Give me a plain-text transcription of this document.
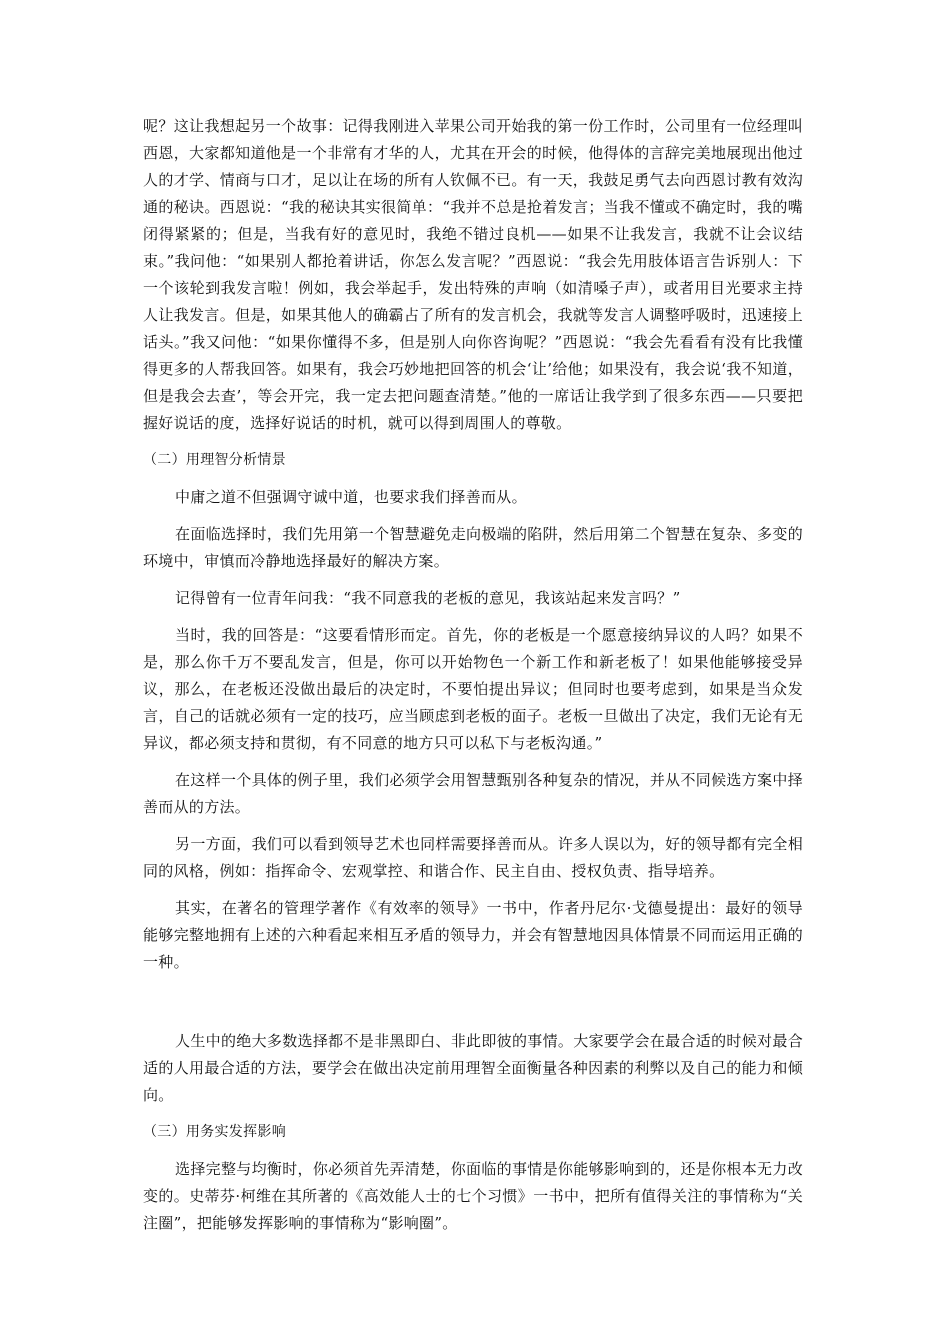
呢？这让我想起另一个故事：记得我刚进入苹果公司开始我的第一份工作时，公司里有一位经理叫西恩，大家都知道他是一个非常有才华的人，尤其在开会的时候，他得体的言辞完美地展现出他过人的才学、情商与口才，足以让在场的所有人钦佩不已。有一天，我鼓足勇气去向西恩讨教有效沟通的秘诀。西恩说：“我的秘诀其实很简单：“我并不总是抢着发言；当我不懂或不确定时，我的嘴闭得紧紧的；但是，当我有好的意见时，我绝不错过良机——如果不让我发言，我就不让会议结束。”我问他：“如果别人都抢着讲话，你怎么发言呢？”西恩说：“我会先用肢体语言告诉别人：下一个该轮到我发言啦！例如，我会举起手，发出特殊的声响（如清嗓子声），或者用目光要求主持人让我发言。但是，如果其他人的确霸占了所有的发言机会，我就等发言人调整呼吸时，迅速接上话头。”我又问他：“如果你懂得不多，但是别人向你咨询呢？”西恩说：“我会先看看有没有比我懂得更多的人帮我回答。如果有，我会巧妙地把回答的机会‘让’给他；如果没有，我会说‘我不知道，但是我会去查’，等会开完，我一定去把问题查清楚。”他的一席话让我学到了很多东西——只要把握好说话的度，选择好说话的时机，就可以得到周围人的尊敬。

（二）用理智分析情景

中庸之道不但强调守诚中道，也要求我们择善而从。

在面临选择时，我们先用第一个智慧避免走向极端的陷阱，然后用第二个智慧在复杂、多变的环境中，审慎而冷静地选择最好的解决方案。

记得曾有一位青年问我：“我不同意我的老板的意见，我该站起来发言吗？”

当时，我的回答是：“这要看情形而定。首先，你的老板是一个愿意接纳异议的人吗？如果不是，那么你千万不要乱发言，但是，你可以开始物色一个新工作和新老板了！如果他能够接受异议，那么，在老板还没做出最后的决定时，不要怕提出异议；但同时也要考虑到，如果是当众发言，自己的话就必须有一定的技巧，应当顾虑到老板的面子。老板一旦做出了决定，我们无论有无异议，都必须支持和贯彻，有不同意的地方只可以私下与老板沟通。”

在这样一个具体的例子里，我们必须学会用智慧甄别各种复杂的情况，并从不同候选方案中择善而从的方法。

另一方面，我们可以看到领导艺术也同样需要择善而从。许多人误以为，好的领导都有完全相同的风格，例如：指挥命令、宏观掌控、和谐合作、民主自由、授权负责、指导培养。

其实，在著名的管理学著作《有效率的领导》一书中，作者丹尼尔·戈德曼提出：最好的领导能够完整地拥有上述的六种看起来相互矛盾的领导力，并会有智慧地因具体情景不同而运用正确的一种。

人生中的绝大多数选择都不是非黑即白、非此即彼的事情。大家要学会在最合适的时候对最合适的人用最合适的方法，要学会在做出决定前用理智全面衡量各种因素的利弊以及自己的能力和倾向。

（三）用务实发挥影响

选择完整与均衡时，你必须首先弄清楚，你面临的事情是你能够影响到的，还是你根本无力改变的。史蒂芬·柯维在其所著的《高效能人士的七个习惯》一书中，把所有值得关注的事情称为“关注圈”，把能够发挥影响的事情称为“影响圈”。
